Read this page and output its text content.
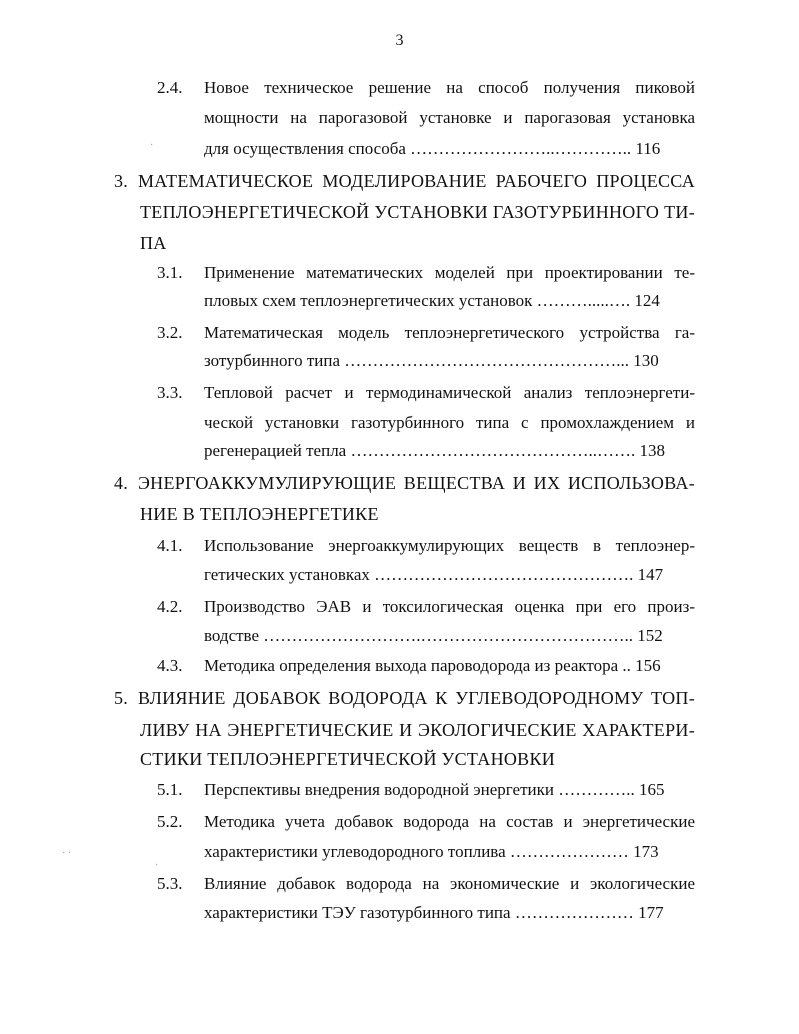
3
2.4. Новое техническое решение на способ получения пиковой
мощности на парогазовой установке и парогазовая установка
для осуществления способа ……………………..………….. 116
3. МАТЕМАТИЧЕСКОЕ МОДЕЛИРОВАНИЕ РАБОЧЕГО ПРОЦЕССА
ТЕПЛОЭНЕРГЕТИЧЕСКОЙ УСТАНОВКИ ГАЗОТУРБИННОГО ТИ-
ПА
3.1. Применение математических моделей при проектировании те-
пловых схем теплоэнергетических установок ……….....…. 124
3.2. Математическая модель теплоэнергетического устройства га-
зотурбинного типа …………………………………………... 130
3.3. Тепловой расчет и термодинамической анализ теплоэнергети-
ческой установки газотурбинного типа с промохлаждением и
регенерацией тепла ……………………………………..……. 138
4. ЭНЕРГОАККУМУЛИРУЮЩИЕ ВЕЩЕСТВА И ИХ ИСПОЛЬЗОВА-
НИЕ В ТЕПЛОЭНЕРГЕТИКЕ
4.1. Использование энергоаккумулирующих веществ в теплоэнер-
гетических установках ………………………………………. 147
4.2. Производство ЭАВ и токсилогическая оценка при его произ-
водстве ……………………….……………………………….. 152
4.3. Методика определения выхода пароводорода из реактора .. 156
5. ВЛИЯНИЕ ДОБАВОК ВОДОРОДА К УГЛЕВОДОРОДНОМУ ТОП-
ЛИВУ НА ЭНЕРГЕТИЧЕСКИЕ И ЭКОЛОГИЧЕСКИЕ ХАРАКТЕРИ-
СТИКИ ТЕПЛОЭНЕРГЕТИЧЕСКОЙ УСТАНОВКИ
5.1. Перспективы внедрения водородной энергетики ………….. 165
5.2. Методика учета добавок водорода на состав и энергетические
характеристики углеводородного топлива ………………… 173
5.3. Влияние добавок водорода на экономические и экологические
характеристики ТЭУ газотурбинного типа ………………… 177
·
· ·
·
